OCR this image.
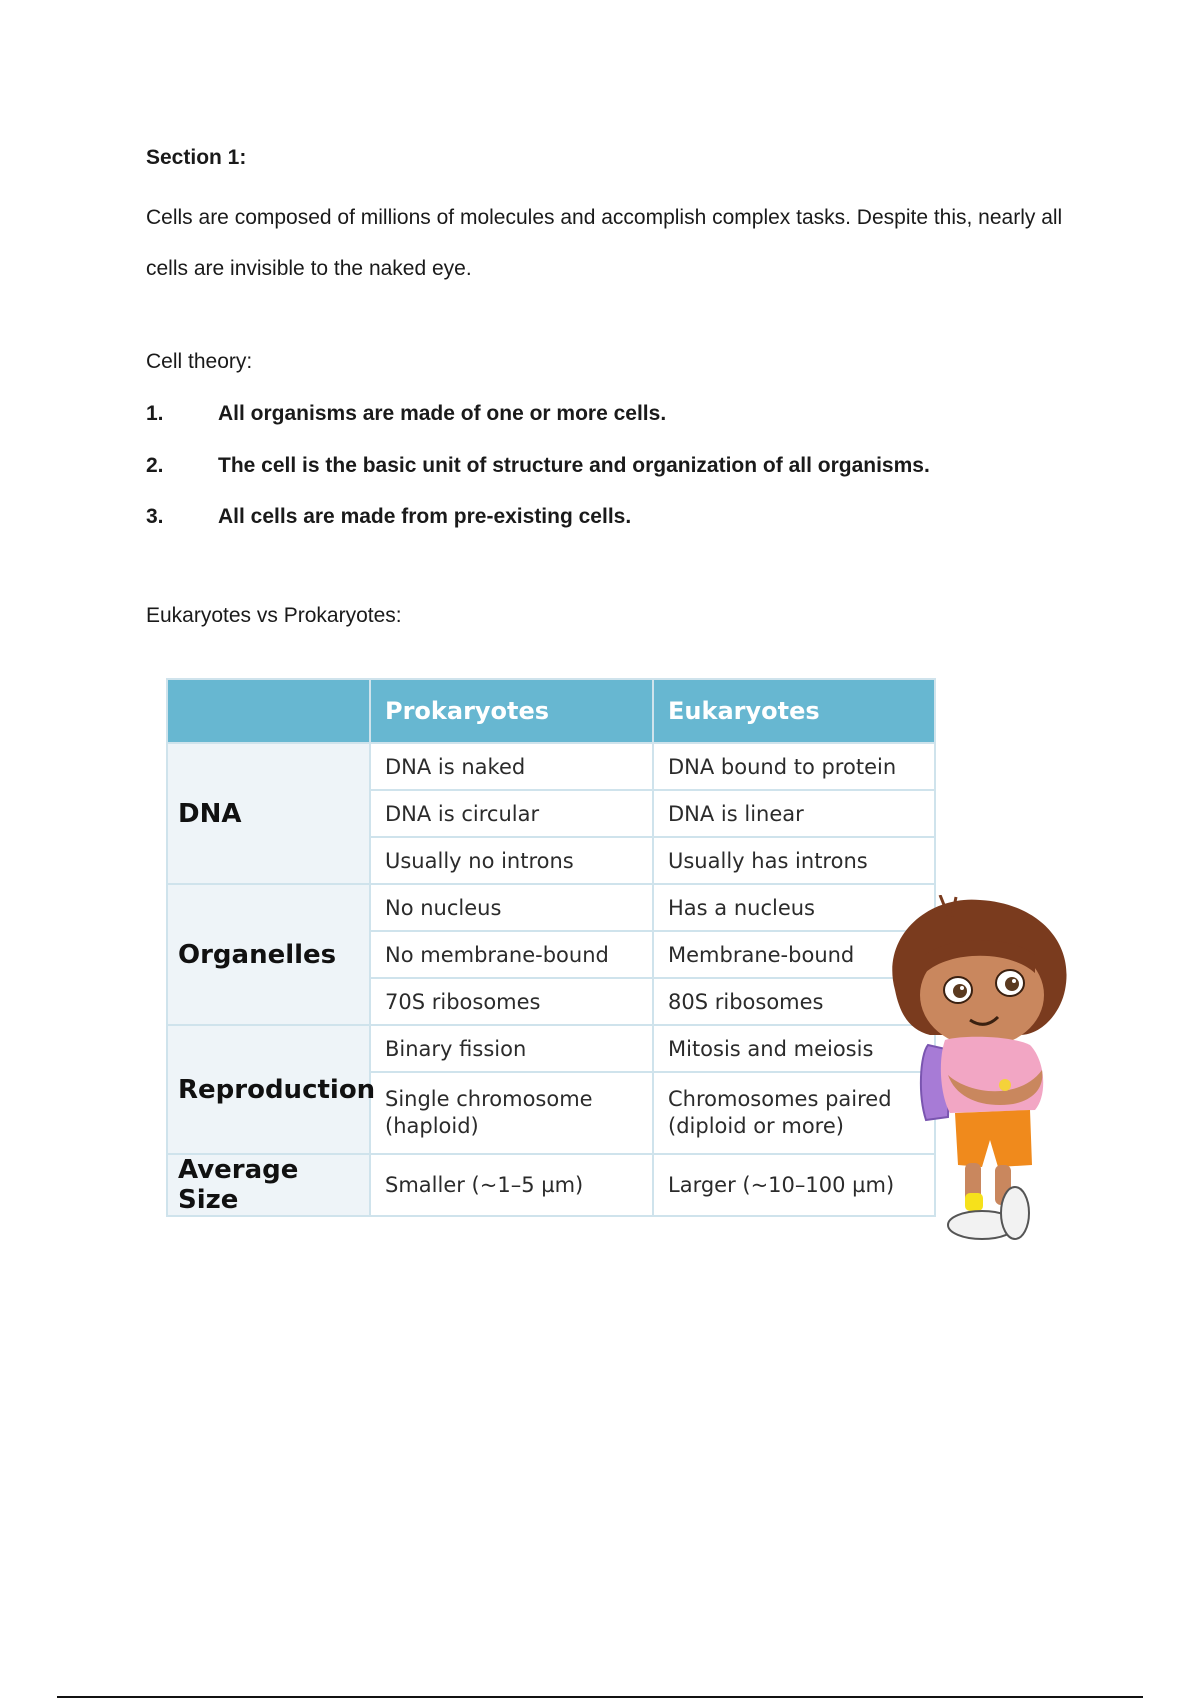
Section 1:

Cells are composed of millions of molecules and accomplish complex tasks. Despite this, nearly all cells are invisible to the naked eye.

Cell theory:

1.	All organisms are made of one or more cells.

2.	The cell is the basic unit of structure and organization of all organisms.

3.	All cells are made from pre-existing cells.

Eukaryotes vs Prokaryotes:

	Prokaryotes	Eukaryotes
DNA	DNA is naked	DNA bound to protein
	DNA is circular	DNA is linear
	Usually no introns	Usually has introns
Organelles	No nucleus	Has a nucleus
	No membrane-bound	Membrane-bound
	70S ribosomes	80S ribosomes
Reproduction	Binary fission	Mitosis and meiosis
	Single chromosome (haploid)	Chromosomes paired (diploid or more)
Average Size	Smaller (~1–5 µm)	Larger (~10–100 µm)
